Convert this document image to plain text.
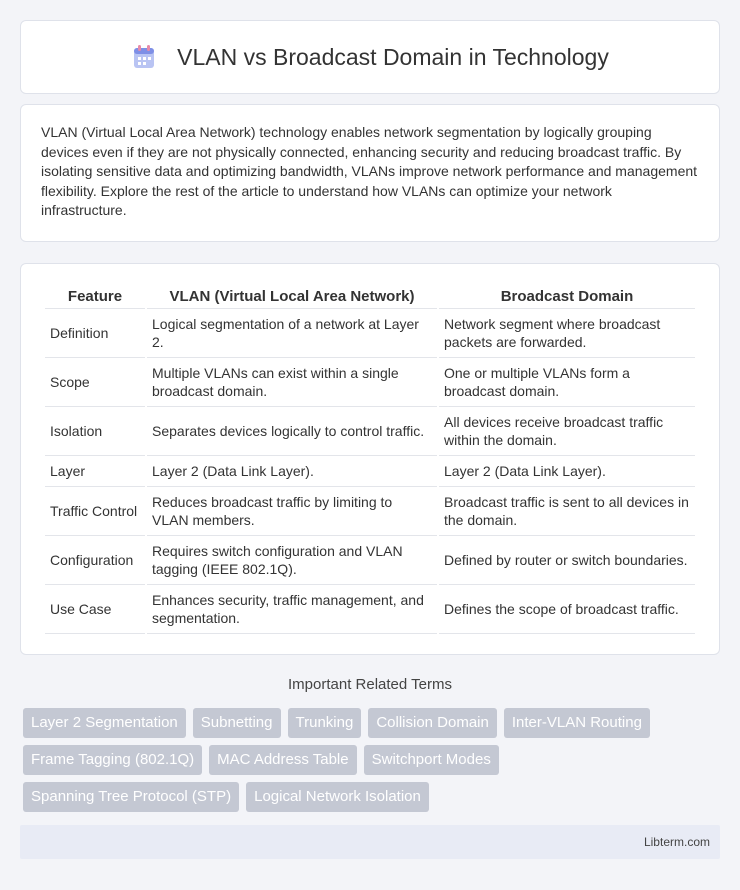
VLAN vs Broadcast Domain in Technology

VLAN (Virtual Local Area Network) technology enables network segmentation by logically grouping devices even if they are not physically connected, enhancing security and reducing broadcast traffic. By isolating sensitive data and optimizing bandwidth, VLANs improve network performance and management flexibility. Explore the rest of the article to understand how VLANs can optimize your network infrastructure.

Feature	VLAN (Virtual Local Area Network)	Broadcast Domain
Definition	Logical segmentation of a network at Layer 2.	Network segment where broadcast packets are forwarded.
Scope	Multiple VLANs can exist within a single broadcast domain.	One or multiple VLANs form a broadcast domain.
Isolation	Separates devices logically to control traffic.	All devices receive broadcast traffic within the domain.
Layer	Layer 2 (Data Link Layer).	Layer 2 (Data Link Layer).
Traffic Control	Reduces broadcast traffic by limiting to VLAN members.	Broadcast traffic is sent to all devices in the domain.
Configuration	Requires switch configuration and VLAN tagging (IEEE 802.1Q).	Defined by router or switch boundaries.
Use Case	Enhances security, traffic management, and segmentation.	Defines the scope of broadcast traffic.
Important Related Terms
Layer 2 Segmentation	Subnetting	Trunking	Collision Domain	Inter-VLAN Routing
Frame Tagging (802.1Q)	MAC Address Table	Switchport Modes
Spanning Tree Protocol (STP)	Logical Network Isolation
Libterm.com
